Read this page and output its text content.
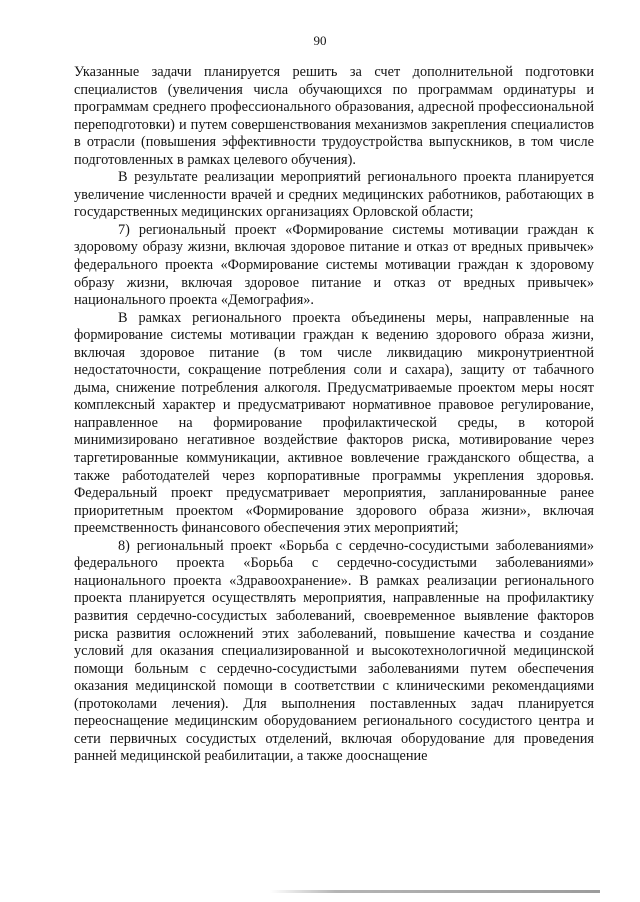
90

Указанные задачи планируется решить за счет дополнительной подготовки специалистов (увеличения числа обучающихся по программам ординатуры и программам среднего профессионального образования, адресной профессиональной переподготовки) и путем совершенствования механизмов закрепления специалистов в отрасли (повышения эффективности трудоустройства выпускников, в том числе подготовленных в рамках целевого обучения).

В результате реализации мероприятий регионального проекта планируется увеличение численности врачей и средних медицинских работников, работающих в государственных медицинских организациях Орловской области;

7) региональный проект «Формирование системы мотивации граждан к здоровому образу жизни, включая здоровое питание и отказ от вредных привычек» федерального проекта «Формирование системы мотивации граждан к здоровому образу жизни, включая здоровое питание и отказ от вредных привычек» национального проекта «Демография».

В рамках регионального проекта объединены меры, направленные на формирование системы мотивации граждан к ведению здорового образа жизни, включая здоровое питание (в том числе ликвидацию микронутриентной недостаточности, сокращение потребления соли и сахара), защиту от табачного дыма, снижение потребления алкоголя. Предусматриваемые проектом меры носят комплексный характер и предусматривают нормативное правовое регулирование, направленное на формирование профилактической среды, в которой минимизировано негативное воздействие факторов риска, мотивирование через таргетированные коммуникации, активное вовлечение гражданского общества, а также работодателей через корпоративные программы укрепления здоровья. Федеральный проект предусматривает мероприятия, запланированные ранее приоритетным проектом «Формирование здорового образа жизни», включая преемственность финансового обеспечения этих мероприятий;

8) региональный проект «Борьба с сердечно-сосудистыми заболеваниями» федерального проекта «Борьба с сердечно-сосудистыми заболеваниями» национального проекта «Здравоохранение». В рамках реализации регионального проекта планируется осуществлять мероприятия, направленные на профилактику развития сердечно-сосудистых заболеваний, своевременное выявление факторов риска развития осложнений этих заболеваний, повышение качества и создание условий для оказания специализированной и высокотехнологичной медицинской помощи больным с сердечно-сосудистыми заболеваниями путем обеспечения оказания медицинской помощи в соответствии с клиническими рекомендациями (протоколами лечения). Для выполнения поставленных задач планируется переоснащение медицинским оборудованием регионального сосудистого центра и сети первичных сосудистых отделений, включая оборудование для проведения ранней медицинской реабилитации, а также дооснащение
